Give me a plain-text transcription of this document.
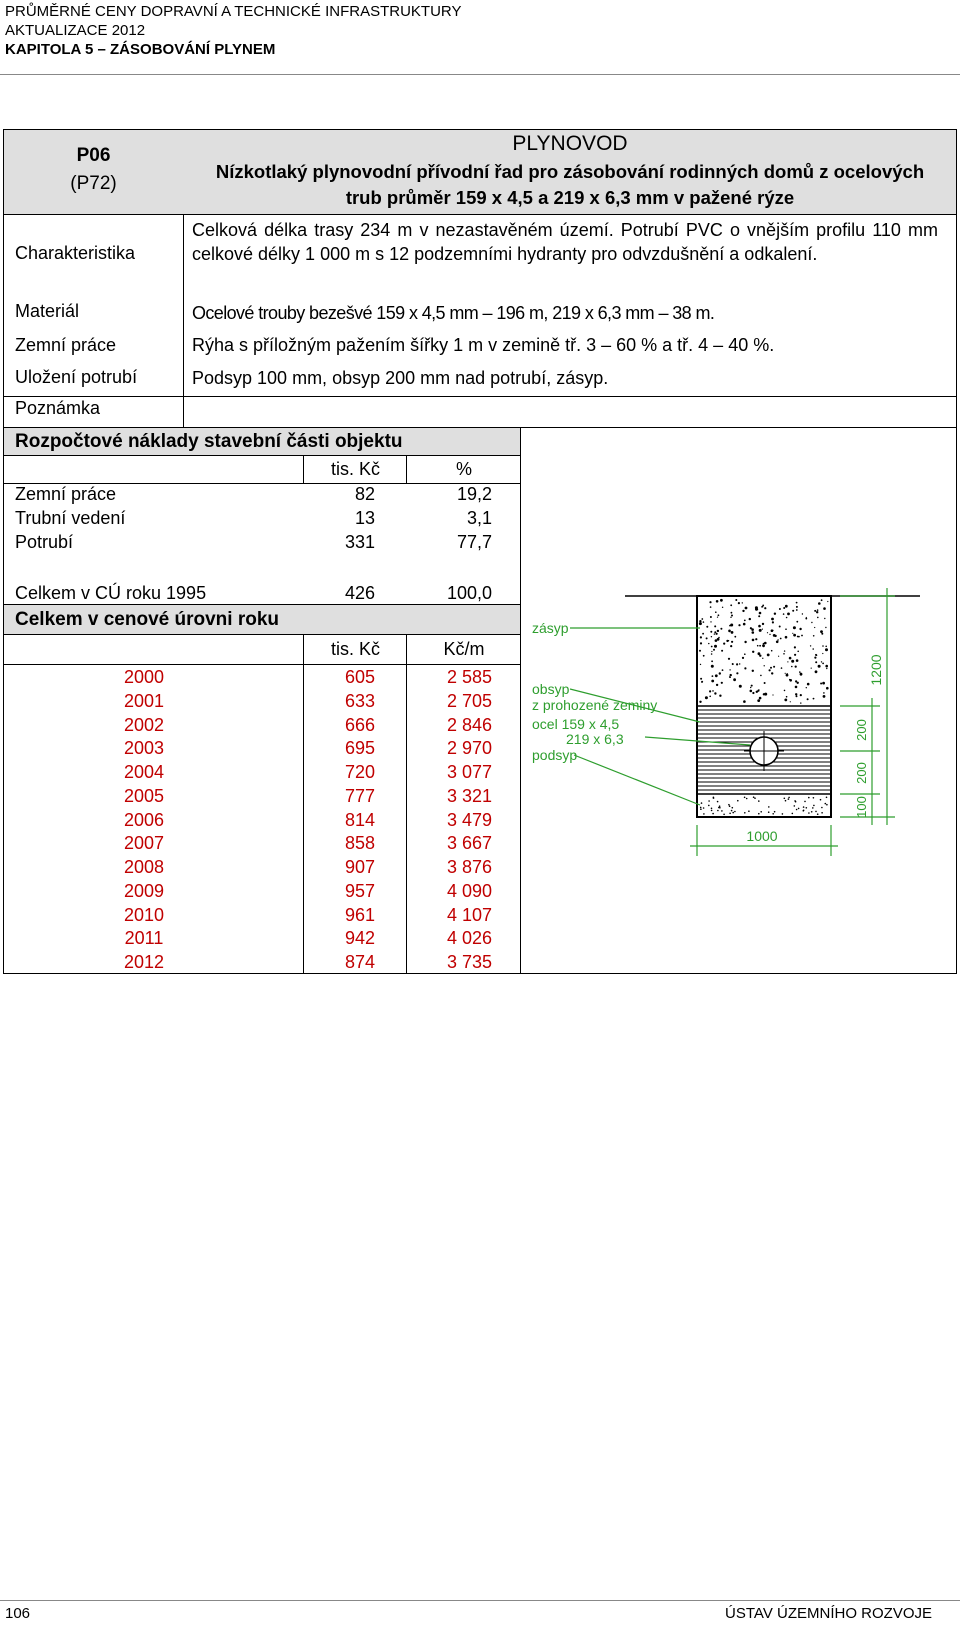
PRŮMĚRNÉ CENY DOPRAVNÍ A TECHNICKÉ INFRASTRUKTURY
AKTUALIZACE 2012
KAPITOLA 5 – ZÁSOBOVÁNÍ PLYNEM
P06
(P72)
PLYNOVOD
Nízkotlaký plynovodní přívodní řad pro zásobování rodinných domů z ocelových
trub průměr 159 x 4,5 a 219 x 6,3 mm v pažené rýze
Charakteristika
Celková délka trasy 234 m v nezastavěném území. Potrubí PVC o vnějším profilu 110 mm celkové délky 1 000 m s 12 podzemními hydranty pro odvzdušnění a odkalení.
Materiál	Ocelové trouby bezešvé 159 x 4,5 mm – 196 m, 219 x 6,3 mm – 38 m.
Zemní práce	Rýha s příložným pažením šířky 1 m v zemině tř. 3 – 60 % a tř. 4 – 40 %.
Uložení potrubí	Podsyp 100 mm, obsyp 200 mm nad potrubí, zásyp.
Poznámka
Rozpočtové náklady stavební části objektu
tis. Kč	%
Zemní práce	82	19,2
Trubní vedení	13	3,1
Potrubí	331	77,7
Celkem v CÚ roku 1995	426	100,0
Celkem v cenové úrovni roku
tis. Kč	Kč/m
2000	605	2 585
2001	633	2 705
2002	666	2 846
2003	695	2 970
2004	720	3 077
2005	777	3 321
2006	814	3 479
2007	858	3 667
2008	907	3 876
2009	957	4 090
2010	961	4 107
2011	942	4 026
2012	874	3 735
PŘÍČNÝ ŘEZ
zásyp
obsyp
z prohozené zeminy
ocel 159 x 4,5
219 x 6,3
podsyp
1000
1200
200
200
100
106	ÚSTAV ÚZEMNÍHO ROZVOJE
